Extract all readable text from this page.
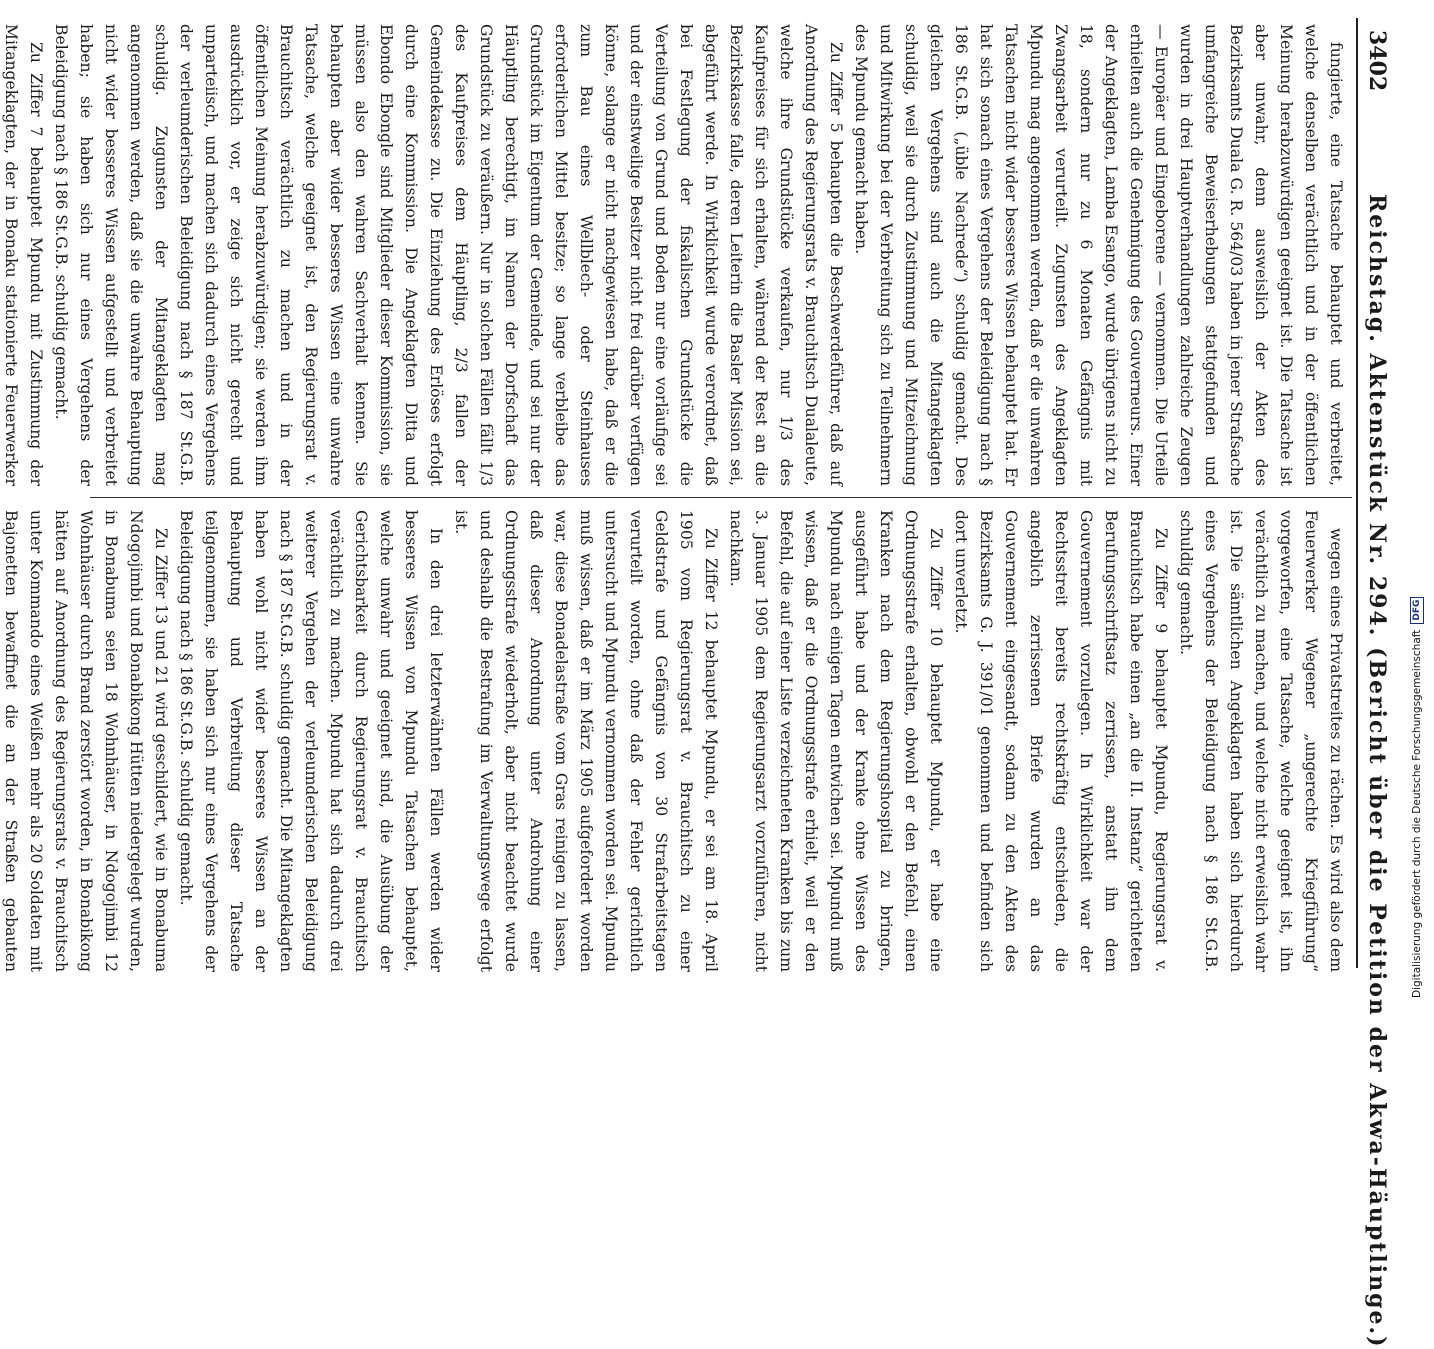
3402
Reichstag. Aktenstück Nr. 294. (Bericht über die Petition der Akwa-Häuptlinge.)

fungierte, eine Tatsache behauptet und verbreitet, welche denselben verächtlich und in der öffentlichen Meinung herabzuwürdigen geeignet ist. Die Tatsache ist aber unwahr, denn ausweislich der Akten des Bezirksamts Duala G. R. 564/03 haben in jener Strafsache umfangreiche Beweiserhebungen stattgefunden und wurden in drei Hauptverhandlungen zahlreiche Zeugen — Europäer und Eingeborene — vernommen. Die Urteile erhielten auch die Genehmigung des Gouverneurs. Einer der Angeklagten, Lamba Esango, wurde übrigens nicht zu 18, sondern nur zu 6 Monaten Gefängnis mit Zwangsarbeit verurteilt. Zugunsten des Angeklagten Mpundu mag angenommen werden, daß er die unwahren Tatsachen nicht wider besseres Wissen behauptet hat. Er hat sich sonach eines Vergehens der Beleidigung nach § 186 St.G.B. („üble Nachrede“) schuldig gemacht. Des gleichen Vergehens sind auch die Mitangeklagten schuldig, weil sie durch Zustimmung und Mitzeichnung und Mitwirkung bei der Verbreitung sich zu Teilnehmern des Mpundu gemacht haben.

Zu Ziffer 5 behaupten die Beschwerdeführer, daß auf Anordnung des Regierungsrats v. Brauchitsch Dualaleute, welche ihre Grundstücke verkaufen, nur 1/3 des Kaufpreises für sich erhalten, während der Rest an die Bezirkskasse falle, deren Leiterin die Basler Mission sei, abgeführt werde. In Wirklichkeit wurde verordnet, daß bei Festlegung der fiskalischen Grundstücke die Verteilung von Grund und Boden nur eine vorläufige sei und der einstweilige Besitzer nicht frei darüber verfügen könne, solange er nicht nachgewiesen habe, daß er die zum Bau eines Wellblech- oder Steinhauses erforderlichen Mittel besitze; so lange verbleibe das Grundstück im Eigentum der Gemeinde, und sei nur der Häuptling berechtigt, im Namen der Dorfschaft das Grundstück zu veräußern. Nur in solchen Fällen fällt 1/3 des Kaufpreises dem Häuptling, 2/3 fallen der Gemeindekasse zu. Die Einziehung des Erlöses erfolgt durch eine Kommission. Die Angeklagten Ditta und Ebondo Ebongle sind Mitglieder dieser Kommission, sie müssen also den wahren Sachverhalt kennen. Sie behaupten aber wider besseres Wissen eine unwahre Tatsache, welche geeignet ist, den Regierungsrat v. Brauchitsch verächtlich zu machen und in der öffentlichen Meinung herabzuwürdigen; sie werden ihm ausdrücklich vor, er zeige sich nicht gerecht und unparteiisch, und machen sich dadurch eines Vergehens der verleumderischen Beleidigung nach § 187 St.G.B. schuldig. Zugunsten der Mitangeklagten mag angenommen werden, daß sie die unwahre Behauptung nicht wider besseres Wissen aufgestellt und verbreitet haben; sie haben sich nur eines Vergehens der Beleidigung nach § 186 St.G.B. schuldig gemacht.

Zu Ziffer 7 behauptet Mpundu mit Zustimmung der Mitangeklagten, der in Bonaku stationierte Feuerwerker

wegen eines Privatstreites zu rächen. Es wird also dem Feuerwerker Wegener „ungerechte Kriegführung“ vorgeworfen, eine Tatsache, welche geeignet ist, ihn verächtlich zu machen, und welche nicht erweislich wahr ist. Die sämtlichen Angeklagten haben sich hierdurch eines Vergehens der Beleidigung nach § 186 St.G.B. schuldig gemacht.

Zu Ziffer 9 behauptet Mpundu, Regierungsrat v. Brauchitsch habe einen „an die II. Instanz“ gerichteten Berufungsschriftsatz zerrissen, anstatt ihn dem Gouvernement vorzulegen. In Wirklichkeit war der Rechtsstreit bereits rechtskräftig entschieden, die angeblich zerrissenen Briefe wurden an das Gouvernement eingesandt, sodann zu den Akten des Bezirksamts G. J. 391/01 genommen und befinden sich dort unverletzt.

Zu Ziffer 10 behauptet Mpundu, er habe eine Ordnungsstrafe erhalten, obwohl er den Befehl, einen Kranken nach dem Regierungshospital zu bringen, ausgeführt habe und der Kranke ohne Wissen des Mpundu nach einigen Tagen entwichen sei. Mpundu muß wissen, daß er die Ordnungsstrafe erhielt, weil er den Befehl, die auf einer Liste verzeichneten Kranken bis zum 3. Januar 1905 dem Regierungsarzt vorzuführen, nicht nachkam.

Zu Ziffer 12 behauptet Mpundu, er sei am 18. April 1905 vom Regierungsrat v. Brauchitsch zu einer Geldstrafe und Gefängnis von 30 Strafarbeitstagen verurteilt worden, ohne daß der Fehler gerichtlich untersucht und Mpundu vernommen worden sei. Mpundu muß wissen, daß er im März 1905 aufgefordert worden war, diese Bonadelastraße vom Gras reinigen zu lassen, daß dieser Anordnung unter Androhung einer Ordnungsstrafe wiederholt, aber nicht beachtet wurde und deshalb die Bestrafung im Verwaltungswege erfolgt ist.

In den drei letzterwähnten Fällen werden wider besseres Wissen von Mpundu Tatsachen behauptet, welche unwahr und geeignet sind, die Ausübung der Gerichtsbarkeit durch Regierungsrat v. Brauchitsch verächtlich zu machen. Mpundu hat sich dadurch drei weiterer Vergehen der verleumderischen Beleidigung nach § 187 St.G.B. schuldig gemacht. Die Mitangeklagten haben wohl nicht wider besseres Wissen an der Behauptung und Verbreitung dieser Tatsache teilgenommen, sie haben sich nur eines Vergehens der Beleidigung nach § 186 St.G.B. schuldig gemacht.

Zu Ziffer 13 und 21 wird geschildert, wie in Bonabuma Ndogojimbi und Bonabikong Hütten niedergelegt wurden, in Bonabuma seien 18 Wohnhäuser, in Ndogojimbi 12 Wohnhäuser durch Brand zerstört worden, in Bonabikong hätten auf Anordnung des Regierungsrats v. Brauchitsch unter Kommando eines Weißen mehr als 20 Soldaten mit Bajonetten bewaffnet die an der Straßen gebauten	Digitalisierung gefördert durch die Deutsche Forschungsgemeinschaft
DFG
